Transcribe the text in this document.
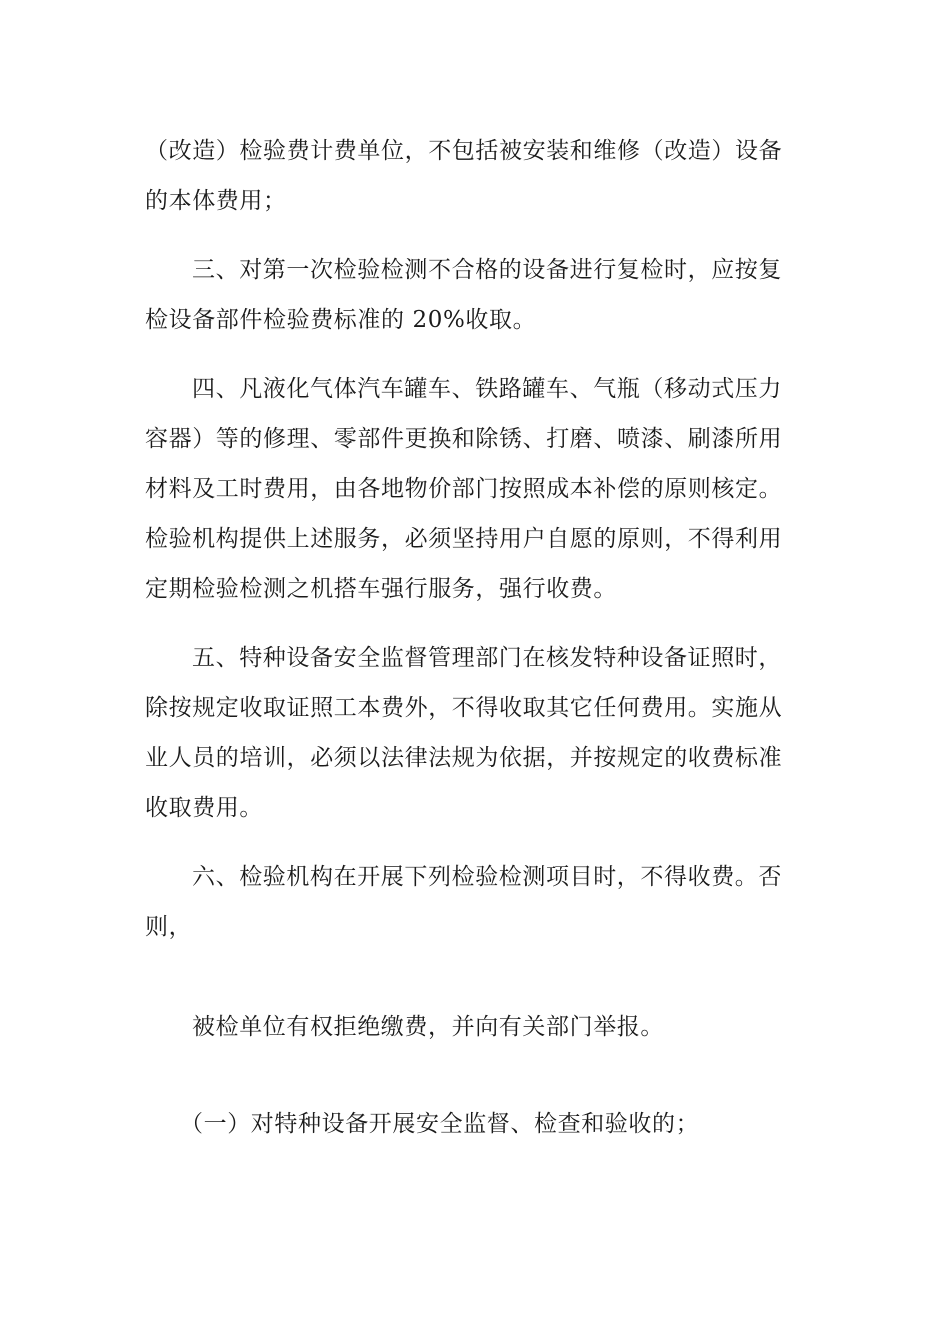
（改造）检验费计费单位，不包括被安装和维修（改造）设备
的本体费用；
三、对第一次检验检测不合格的设备进行复检时，应按复
检设备部件检验费标准的 20%收取。
四、凡液化气体汽车罐车、铁路罐车、气瓶（移动式压力
容器）等的修理、零部件更换和除锈、打磨、喷漆、刷漆所用
材料及工时费用，由各地物价部门按照成本补偿的原则核定。
检验机构提供上述服务，必须坚持用户自愿的原则，不得利用
定期检验检测之机搭车强行服务，强行收费。
五、特种设备安全监督管理部门在核发特种设备证照时，
除按规定收取证照工本费外，不得收取其它任何费用。实施从
业人员的培训，必须以法律法规为依据，并按规定的收费标准
收取费用。
六、检验机构在开展下列检验检测项目时，不得收费。否
则，
被检单位有权拒绝缴费，并向有关部门举报。
（一）对特种设备开展安全监督、检查和验收的；
